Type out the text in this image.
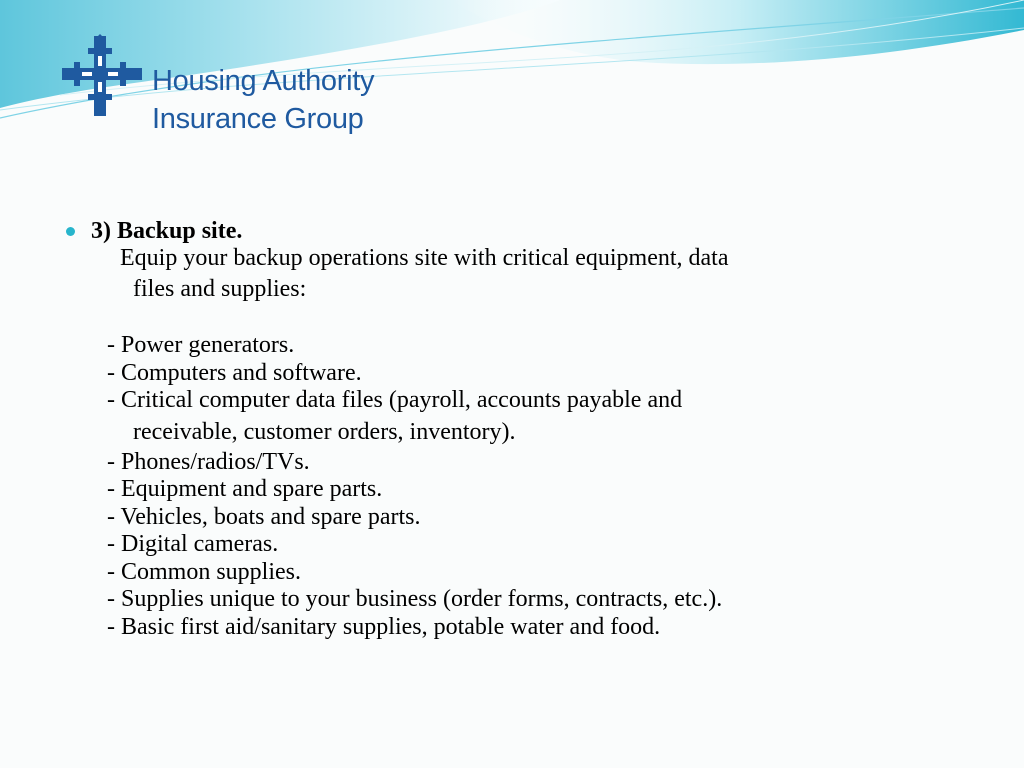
Housing Authority
Insurance Group
3) Backup site.
Equip your backup operations site with critical equipment, data
files and supplies:
- Power generators.
- Computers and software.
- Critical computer data files (payroll, accounts payable and
receivable, customer orders, inventory).
- Phones/radios/TVs.
- Equipment and spare parts.
- Vehicles, boats and spare parts.
- Digital cameras.
- Common supplies.
- Supplies unique to your business (order forms, contracts, etc.).
- Basic first aid/sanitary supplies, potable water and food.
